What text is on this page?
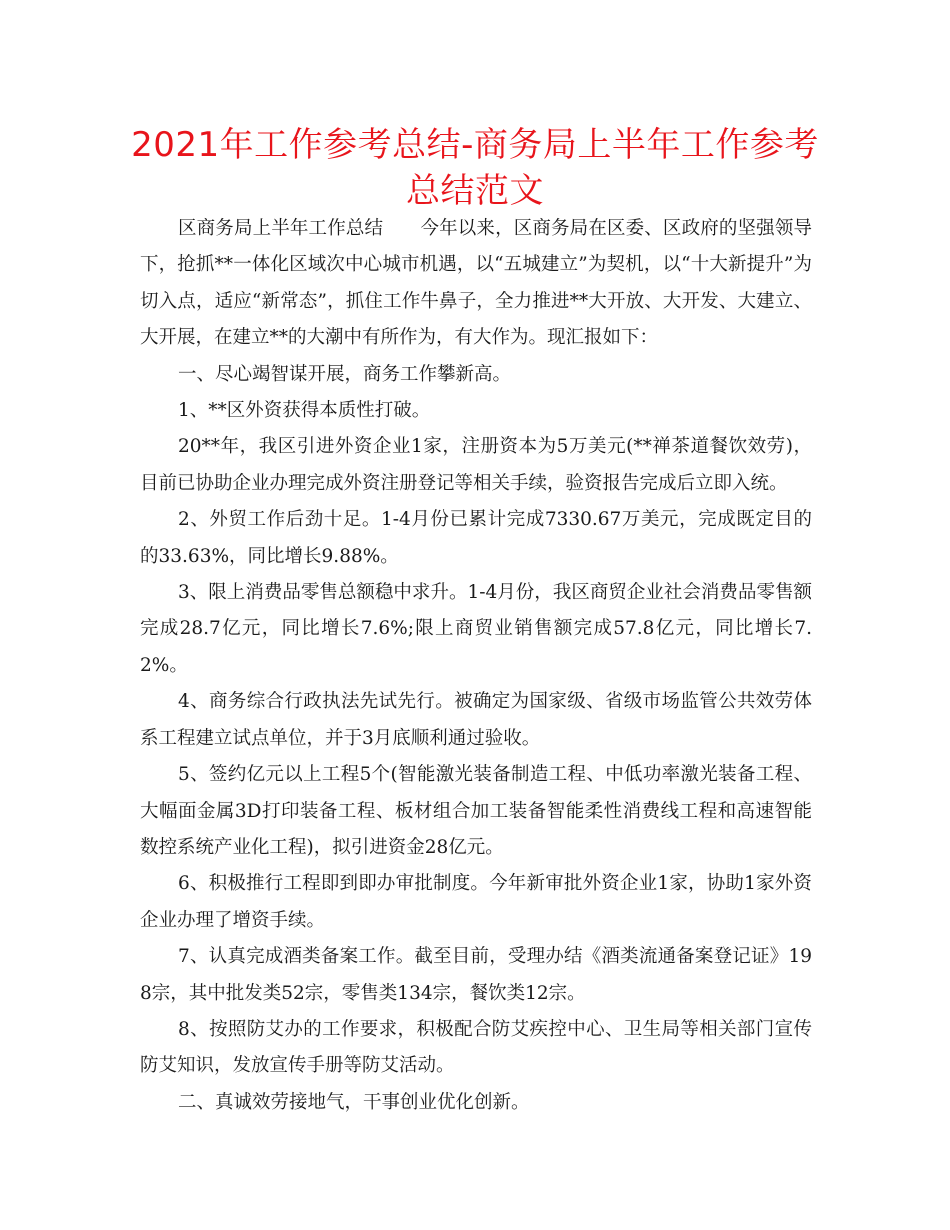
2021年工作参考总结-商务局上半年工作参考总结范文

区商务局上半年工作总结　　今年以来，区商务局在区委、区政府的坚强领导下，抢抓**一体化区域次中心城市机遇，以“五城建立”为契机，以“十大新提升”为切入点，适应“新常态”，抓住工作牛鼻子，全力推进**大开放、大开发、大建立、大开展，在建立**的大潮中有所作为，有大作为。现汇报如下：

一、尽心竭智谋开展，商务工作攀新高。

1、**区外资获得本质性打破。

20**年，我区引进外资企业1家，注册资本为5万美元(**禅茶道餐饮效劳)，目前已协助企业办理完成外资注册登记等相关手续，验资报告完成后立即入统。

2、外贸工作后劲十足。1-4月份已累计完成7330.67万美元，完成既定目的的33.63%，同比增长9.88%。

3、限上消费品零售总额稳中求升。1-4月份，我区商贸企业社会消费品零售额完成28.7亿元，同比增长7.6%;限上商贸业销售额完成57.8亿元，同比增长7.2%。

4、商务综合行政执法先试先行。被确定为国家级、省级市场监管公共效劳体系工程建立试点单位，并于3月底顺利通过验收。

5、签约亿元以上工程5个(智能激光装备制造工程、中低功率激光装备工程、大幅面金属3D打印装备工程、板材组合加工装备智能柔性消费线工程和高速智能数控系统产业化工程)，拟引进资金28亿元。

6、积极推行工程即到即办审批制度。今年新审批外资企业1家，协助1家外资企业办理了增资手续。

7、认真完成酒类备案工作。截至目前，受理办结《酒类流通备案登记证》198宗，其中批发类52宗，零售类134宗，餐饮类12宗。

8、按照防艾办的工作要求，积极配合防艾疾控中心、卫生局等相关部门宣传防艾知识，发放宣传手册等防艾活动。

二、真诚效劳接地气，干事创业优化创新。
